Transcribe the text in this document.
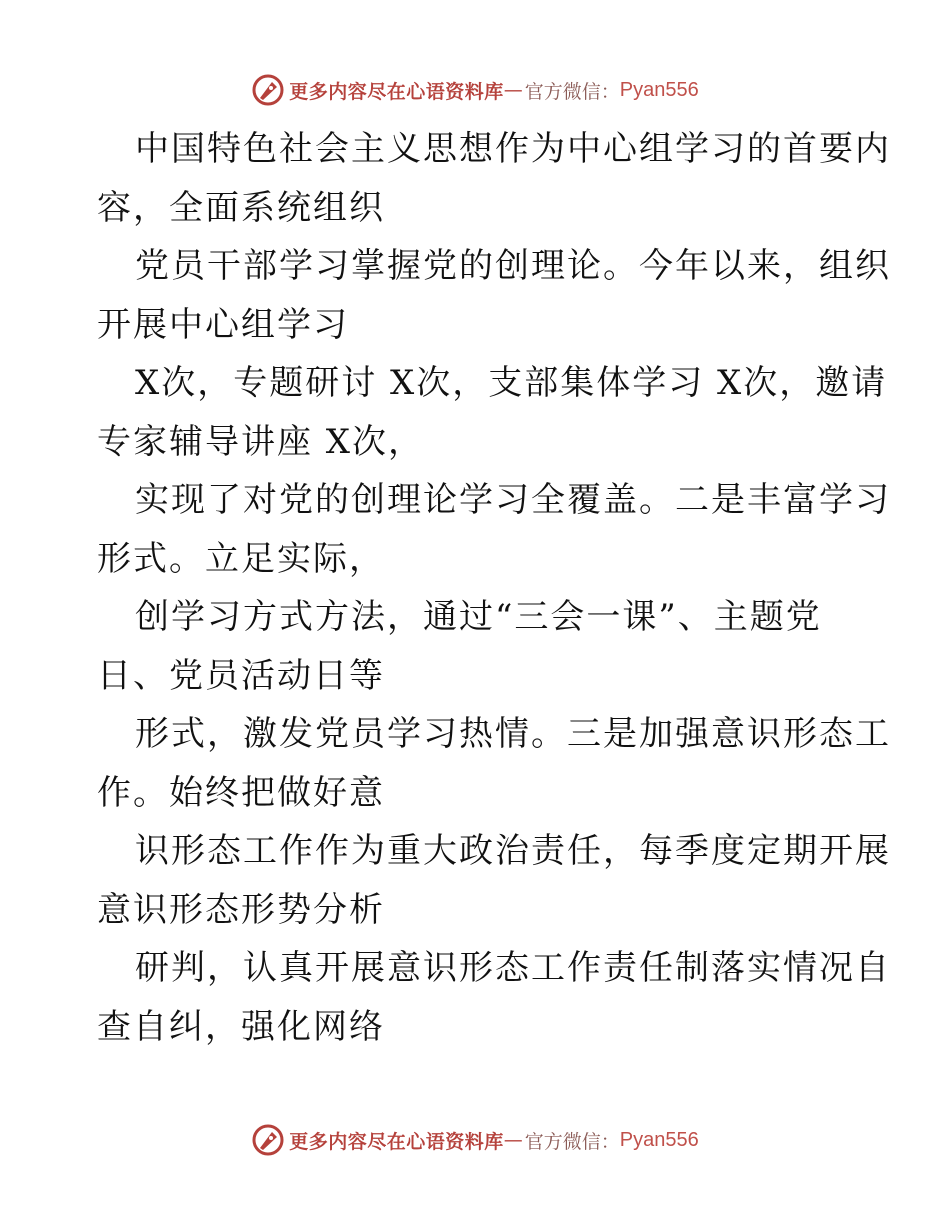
更多内容尽在心语资料库 — 官方微信： Pyan556
中国特色社会主义思想作为中心组学习的首要内
容，全面系统组织
党员干部学习掌握党的创理论。今年以来，组织
开展中心组学习
X次，专题研讨 X次，支部集体学习 X次，邀请
专家辅导讲座 X次，
实现了对党的创理论学习全覆盖。二是丰富学习
形式。立足实际，
创学习方式方法，通过“三会一课”、主题党
日、党员活动日等
形式，激发党员学习热情。三是加强意识形态工
作。始终把做好意
识形态工作作为重大政治责任，每季度定期开展
意识形态形势分析
研判，认真开展意识形态工作责任制落实情况自
查自纠，强化网络
更多内容尽在心语资料库 — 官方微信： Pyan556
